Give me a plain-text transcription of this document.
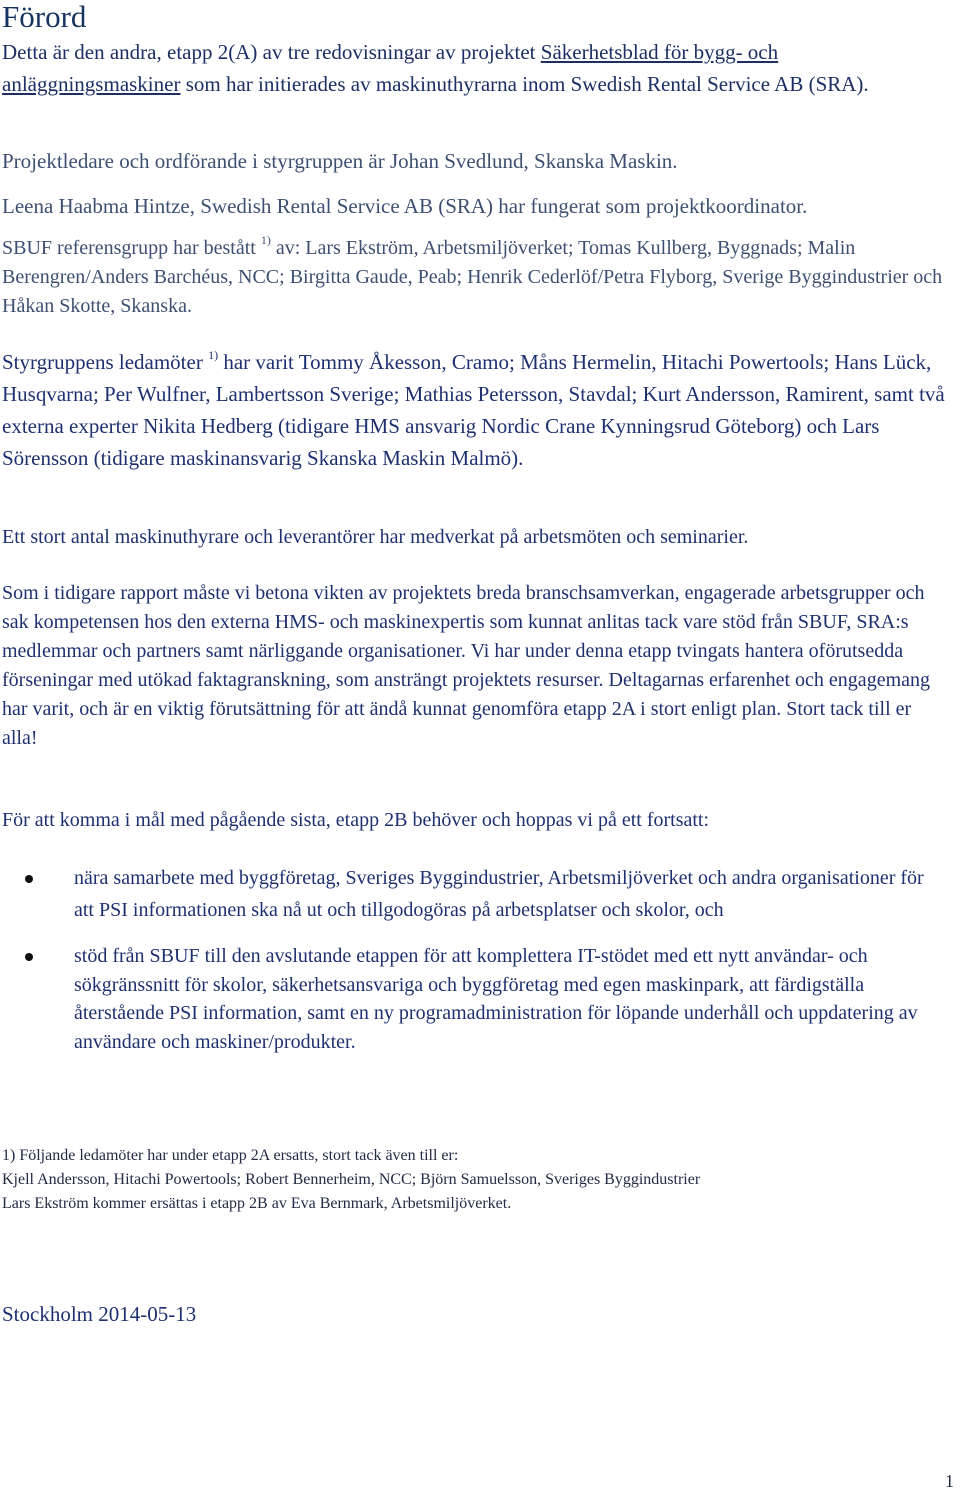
Förord

Detta är den andra, etapp 2(A) av tre redovisningar av projektet Säkerhetsblad för bygg- och anläggningsmaskiner som har initierades av maskinuthyrarna inom Swedish Rental Service AB (SRA).

Projektledare och ordförande i styrgruppen är Johan Svedlund, Skanska Maskin.

Leena Haabma Hintze, Swedish Rental Service AB (SRA) har fungerat som projektkoordinator.

SBUF referensgrupp har bestått $^{1)}$ av: Lars Ekström, Arbetsmiljöverket; Tomas Kullberg, Byggnads; Malin Berengren/Anders Barchéus, NCC; Birgitta Gaude, Peab; Henrik Cederlöf/Petra Flyborg, Sverige Byggindustrier och Håkan Skotte, Skanska.

Styrgruppens ledamöter $^{1)}$ har varit Tommy Åkesson, Cramo; Måns Hermelin, Hitachi Powertools; Hans Lück, Husqvarna; Per Wulfner, Lambertsson Sverige; Mathias Petersson, Stavdal; Kurt Andersson, Ramirent, samt två externa experter Nikita Hedberg (tidigare HMS ansvarig Nordic Crane Kynningsrud Göteborg) och Lars Sörensson (tidigare maskinansvarig Skanska Maskin Malmö).

Ett stort antal maskinuthyrare och leverantörer har medverkat på arbetsmöten och seminarier.

Som i tidigare rapport måste vi betona vikten av projektets breda branschsamverkan, engagerade arbetsgrupper och sak kompetensen hos den externa HMS- och maskinexpertis som kunnat anlitas tack vare stöd från SBUF, SRA:s medlemmar och partners samt närliggande organisationer. Vi har under denna etapp tvingats hantera oförutsedda förseningar med utökad faktagranskning, som ansträngt projektets resurser. Deltagarnas erfarenhet och engagemang har varit, och är en viktig förutsättning för att ändå kunnat genomföra etapp 2A i stort enligt plan. Stort tack till er alla!

För att komma i mål med pågående sista, etapp 2B behöver och hoppas vi på ett fortsatt:

nära samarbete med byggföretag, Sveriges Byggindustrier, Arbetsmiljöverket och andra organisationer för att PSI informationen ska nå ut och tillgodogöras på arbetsplatser och skolor, och
stöd från SBUF till den avslutande etappen för att komplettera IT-stödet med ett nytt användar- och sökgränssnitt för skolor, säkerhetsansvariga och byggföretag med egen maskinpark, att färdigställa återstående PSI information, samt en ny programadministration för löpande underhåll och uppdatering av användare och maskiner/produkter.
1) Följande ledamöter har under etapp 2A ersatts, stort tack även till er:
Kjell Andersson, Hitachi Powertools; Robert Bennerheim, NCC; Björn Samuelsson, Sveriges Byggindustrier
Lars Ekström kommer ersättas i etapp 2B av Eva Bernmark, Arbetsmiljöverket.

Stockholm 2014-05-13

1
